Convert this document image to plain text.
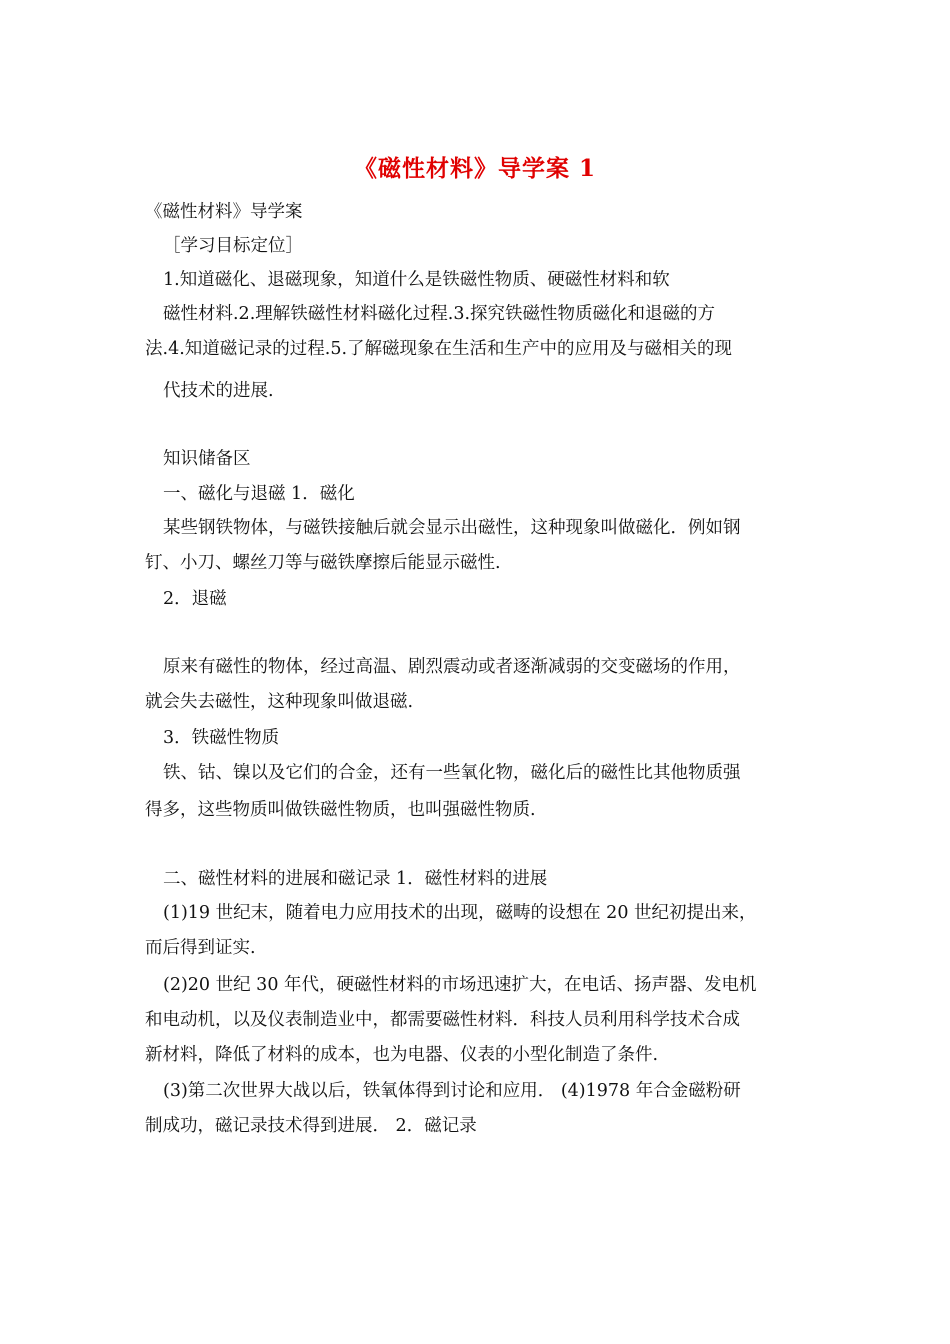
《磁性材料》导学案 1
《磁性材料》导学案
［学习目标定位］
1.知道磁化、退磁现象，知道什么是铁磁性物质、硬磁性材料和软
磁性材料.2.理解铁磁性材料磁化过程.3.探究铁磁性物质磁化和退磁的方
法.4.知道磁记录的过程.5.了解磁现象在生活和生产中的应用及与磁相关的现
代技术的进展.
知识储备区
一、磁化与退磁 1．磁化
某些钢铁物体，与磁铁接触后就会显示出磁性，这种现象叫做磁化．例如钢
钉、小刀、螺丝刀等与磁铁摩擦后能显示磁性.
2．退磁
原来有磁性的物体，经过高温、剧烈震动或者逐渐减弱的交变磁场的作用，
就会失去磁性，这种现象叫做退磁.
3．铁磁性物质
铁、钴、镍以及它们的合金，还有一些氧化物，磁化后的磁性比其他物质强
得多，这些物质叫做铁磁性物质，也叫强磁性物质.
二、磁性材料的进展和磁记录 1．磁性材料的进展
(1)19 世纪末，随着电力应用技术的出现，磁畴的设想在 20 世纪初提出来，
而后得到证实.
(2)20 世纪 30 年代，硬磁性材料的市场迅速扩大，在电话、扬声器、发电机
和电动机，以及仪表制造业中，都需要磁性材料．科技人员利用科学技术合成
新材料，降低了材料的成本，也为电器、仪表的小型化制造了条件.
(3)第二次世界大战以后，铁氧体得到讨论和应用． (4)1978 年合金磁粉研
制成功，磁记录技术得到进展． 2．磁记录
